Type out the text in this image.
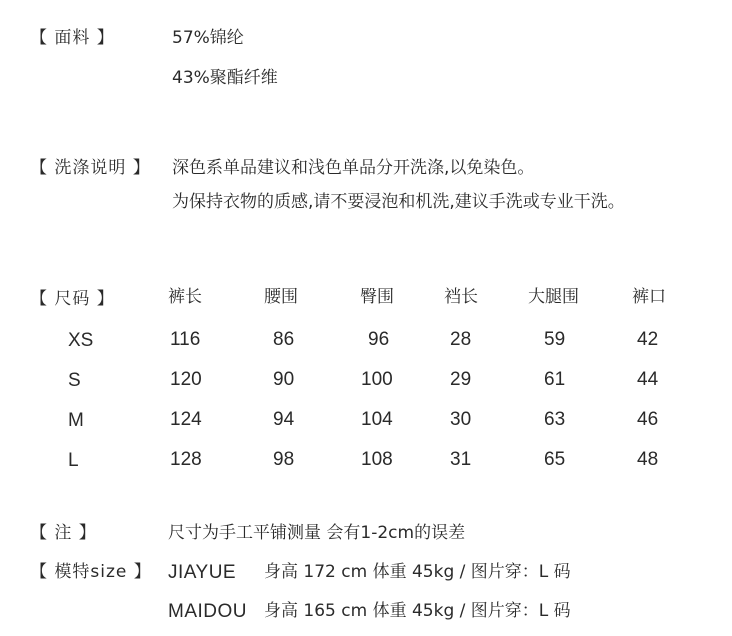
【 面料 】	57%锦纶
43%聚酯纤维
【 洗涤说明 】 深色系单品建议和浅色单品分开洗涤,以免染色。
为保持衣物的质感,请不要浸泡和机洗,建议手洗或专业干洗。
【 尺码 】	裤长	腰围	臀围	裆长	大腿围	裤口
XS	116	86	96	28	59	42
S	120	90	100	29	61	44
M	124	94	104	30	63	46
L	128	98	108	31	65	48
【 注 】	尺寸为手工平铺测量 会有1-2cm的误差
【 模特size 】 JIAYUE 身高 172 cm 体重 45kg / 图片穿：L 码
MAIDOU 身高 165 cm 体重 45kg / 图片穿：L 码
